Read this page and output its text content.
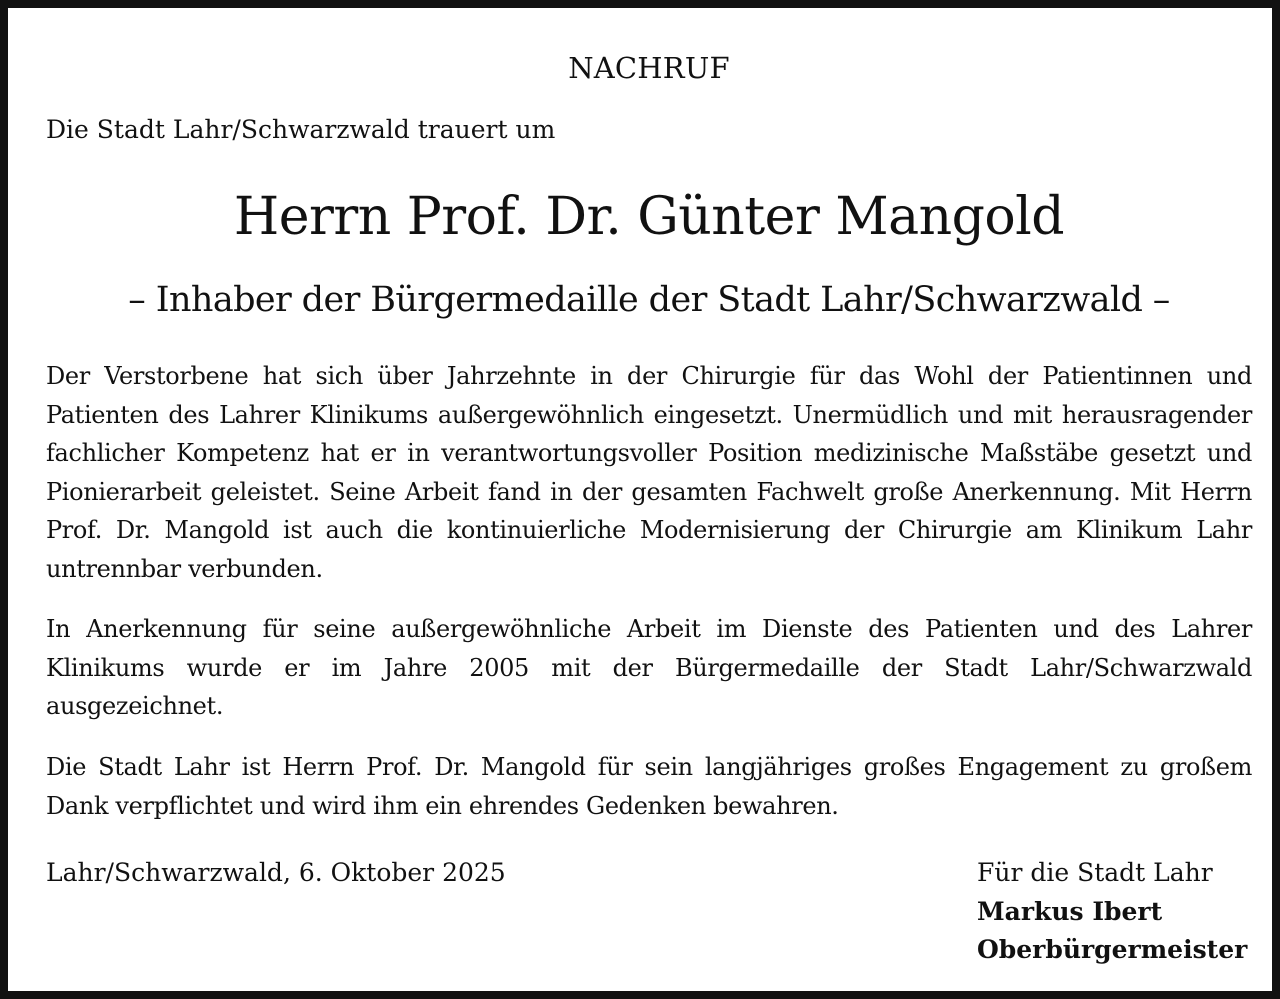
NACHRUF
Die Stadt Lahr/Schwarzwald trauert um
Herrn Prof. Dr. Günter Mangold
– Inhaber der Bürgermedaille der Stadt Lahr/Schwarzwald –

Der Verstorbene hat sich über Jahrzehnte in der Chirurgie für das Wohl der Patientinnen und Patienten des Lahrer Klinikums außergewöhnlich eingesetzt. Unermüdlich und mit herausragender fachlicher Kompetenz hat er in verantwortungsvoller Position medizinische Maßstäbe gesetzt und Pionierarbeit geleistet. Seine Arbeit fand in der gesamten Fachwelt große Anerkennung. Mit Herrn Prof. Dr. Mangold ist auch die kontinuierliche Modernisierung der Chirurgie am Klinikum Lahr untrennbar verbunden.

In Anerkennung für seine außergewöhnliche Arbeit im Dienste des Patienten und des Lahrer Klinikums wurde er im Jahre 2005 mit der Bürgermedaille der Stadt Lahr/Schwarzwald ausgezeichnet.

Die Stadt Lahr ist Herrn Prof. Dr. Mangold für sein langjähriges großes Engagement zu großem Dank verpflichtet und wird ihm ein ehrendes Gedenken bewahren.

Lahr/Schwarzwald, 6. Oktober 2025	Für die Stadt Lahr
Markus Ibert
Oberbürgermeister
